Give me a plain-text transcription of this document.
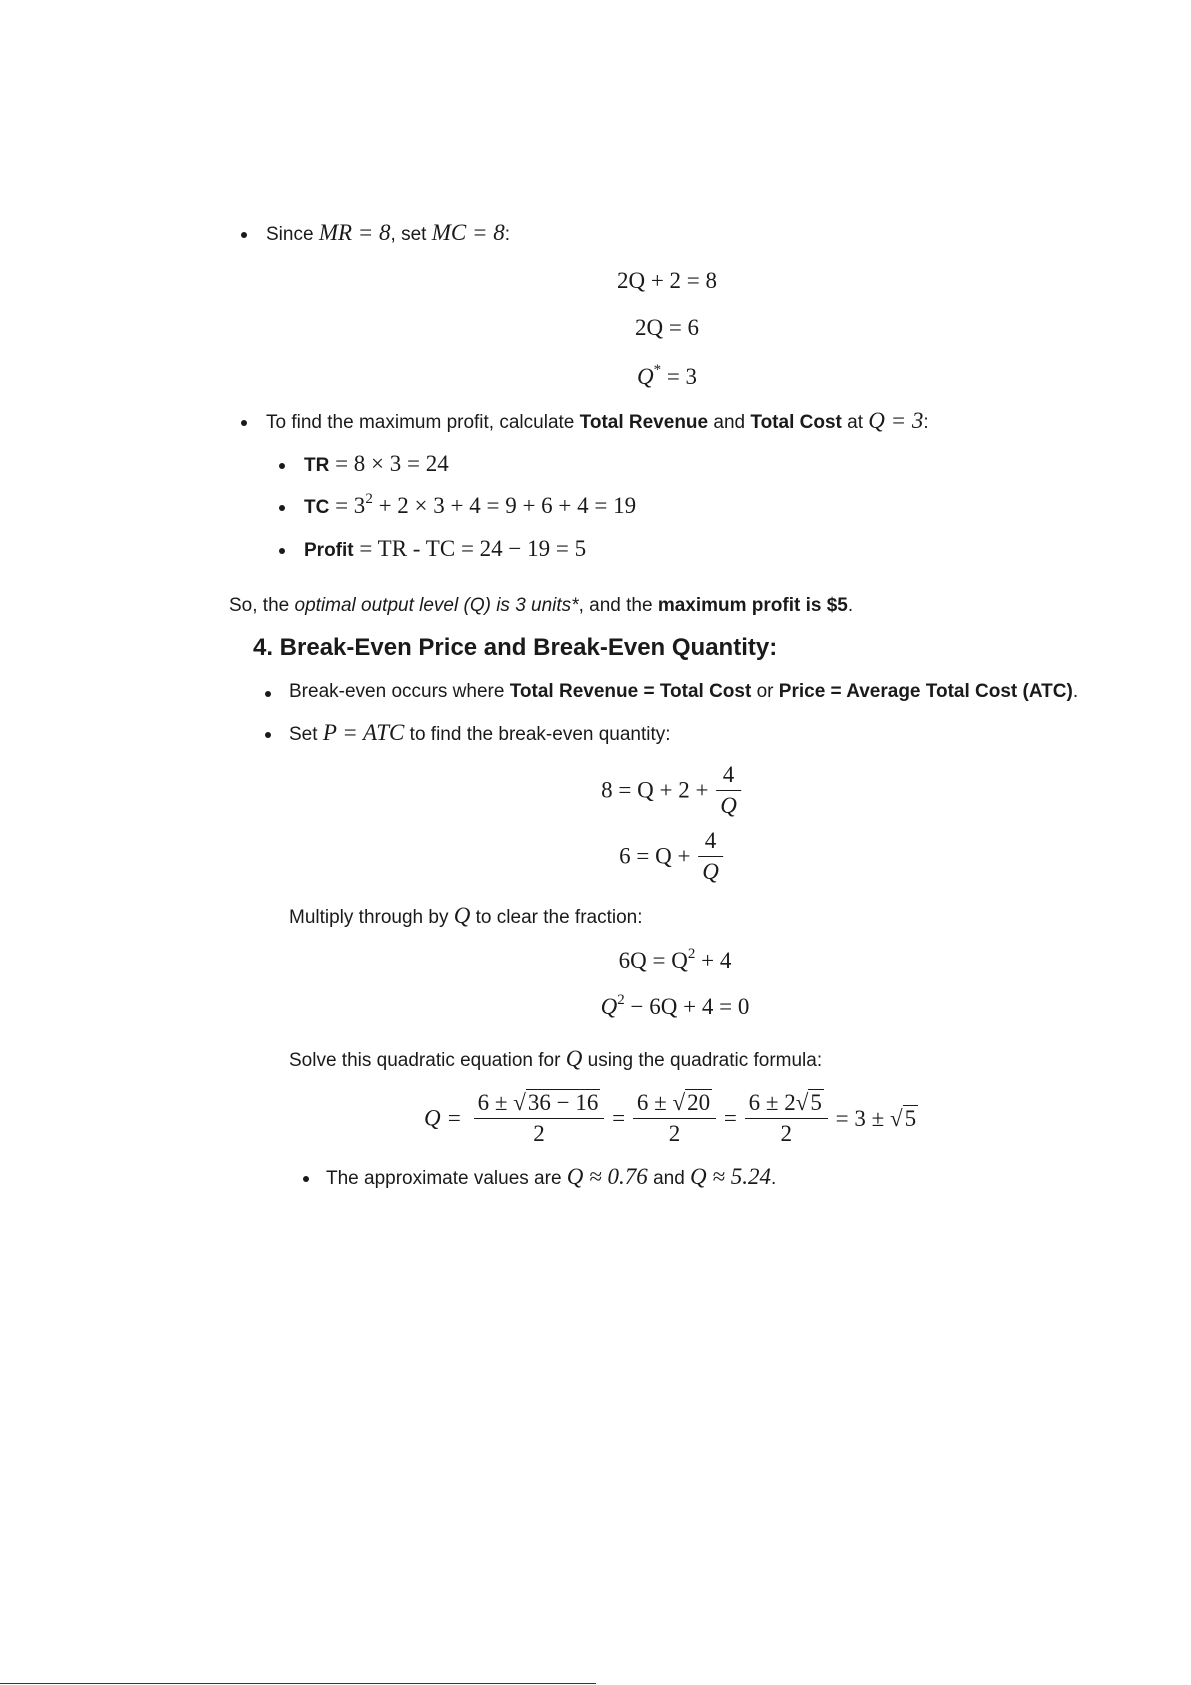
Since MR = 8, set MC = 8:
2Q + 2 = 8
2Q = 6
Q* = 3
To find the maximum profit, calculate Total Revenue and Total Cost at Q = 3:
TR = 8 × 3 = 24
TC = $3^2 + 2 \times 3 + 4 = 9 + 6 + 4 = 19$
Profit = TR - TC = 24 − 19 = 5
So, the optimal output level (Q) is 3 units*, and the maximum profit is $5.
4. Break-Even Price and Break-Even Quantity:
Break-even occurs where Total Revenue = Total Cost or Price = Average Total Cost (ATC).
Set P = ATC to find the break-even quantity:
$8 = Q + 2 + \frac{4}{Q}$
$6 = Q + \frac{4}{Q}$
Multiply through by Q to clear the fraction:
$6Q = Q^2 + 4$
$Q^2 - 6Q + 4 = 0$
Solve this quadratic equation for Q using the quadratic formula:
$Q = \frac{6 \pm √36 - 16}{2} = \frac{6 \pm √20}{2} = \frac{6 \pm 2√5}{2} = 3 \pm √5$
The approximate values are Q ≈ 0.76 and Q ≈ 5.24.
